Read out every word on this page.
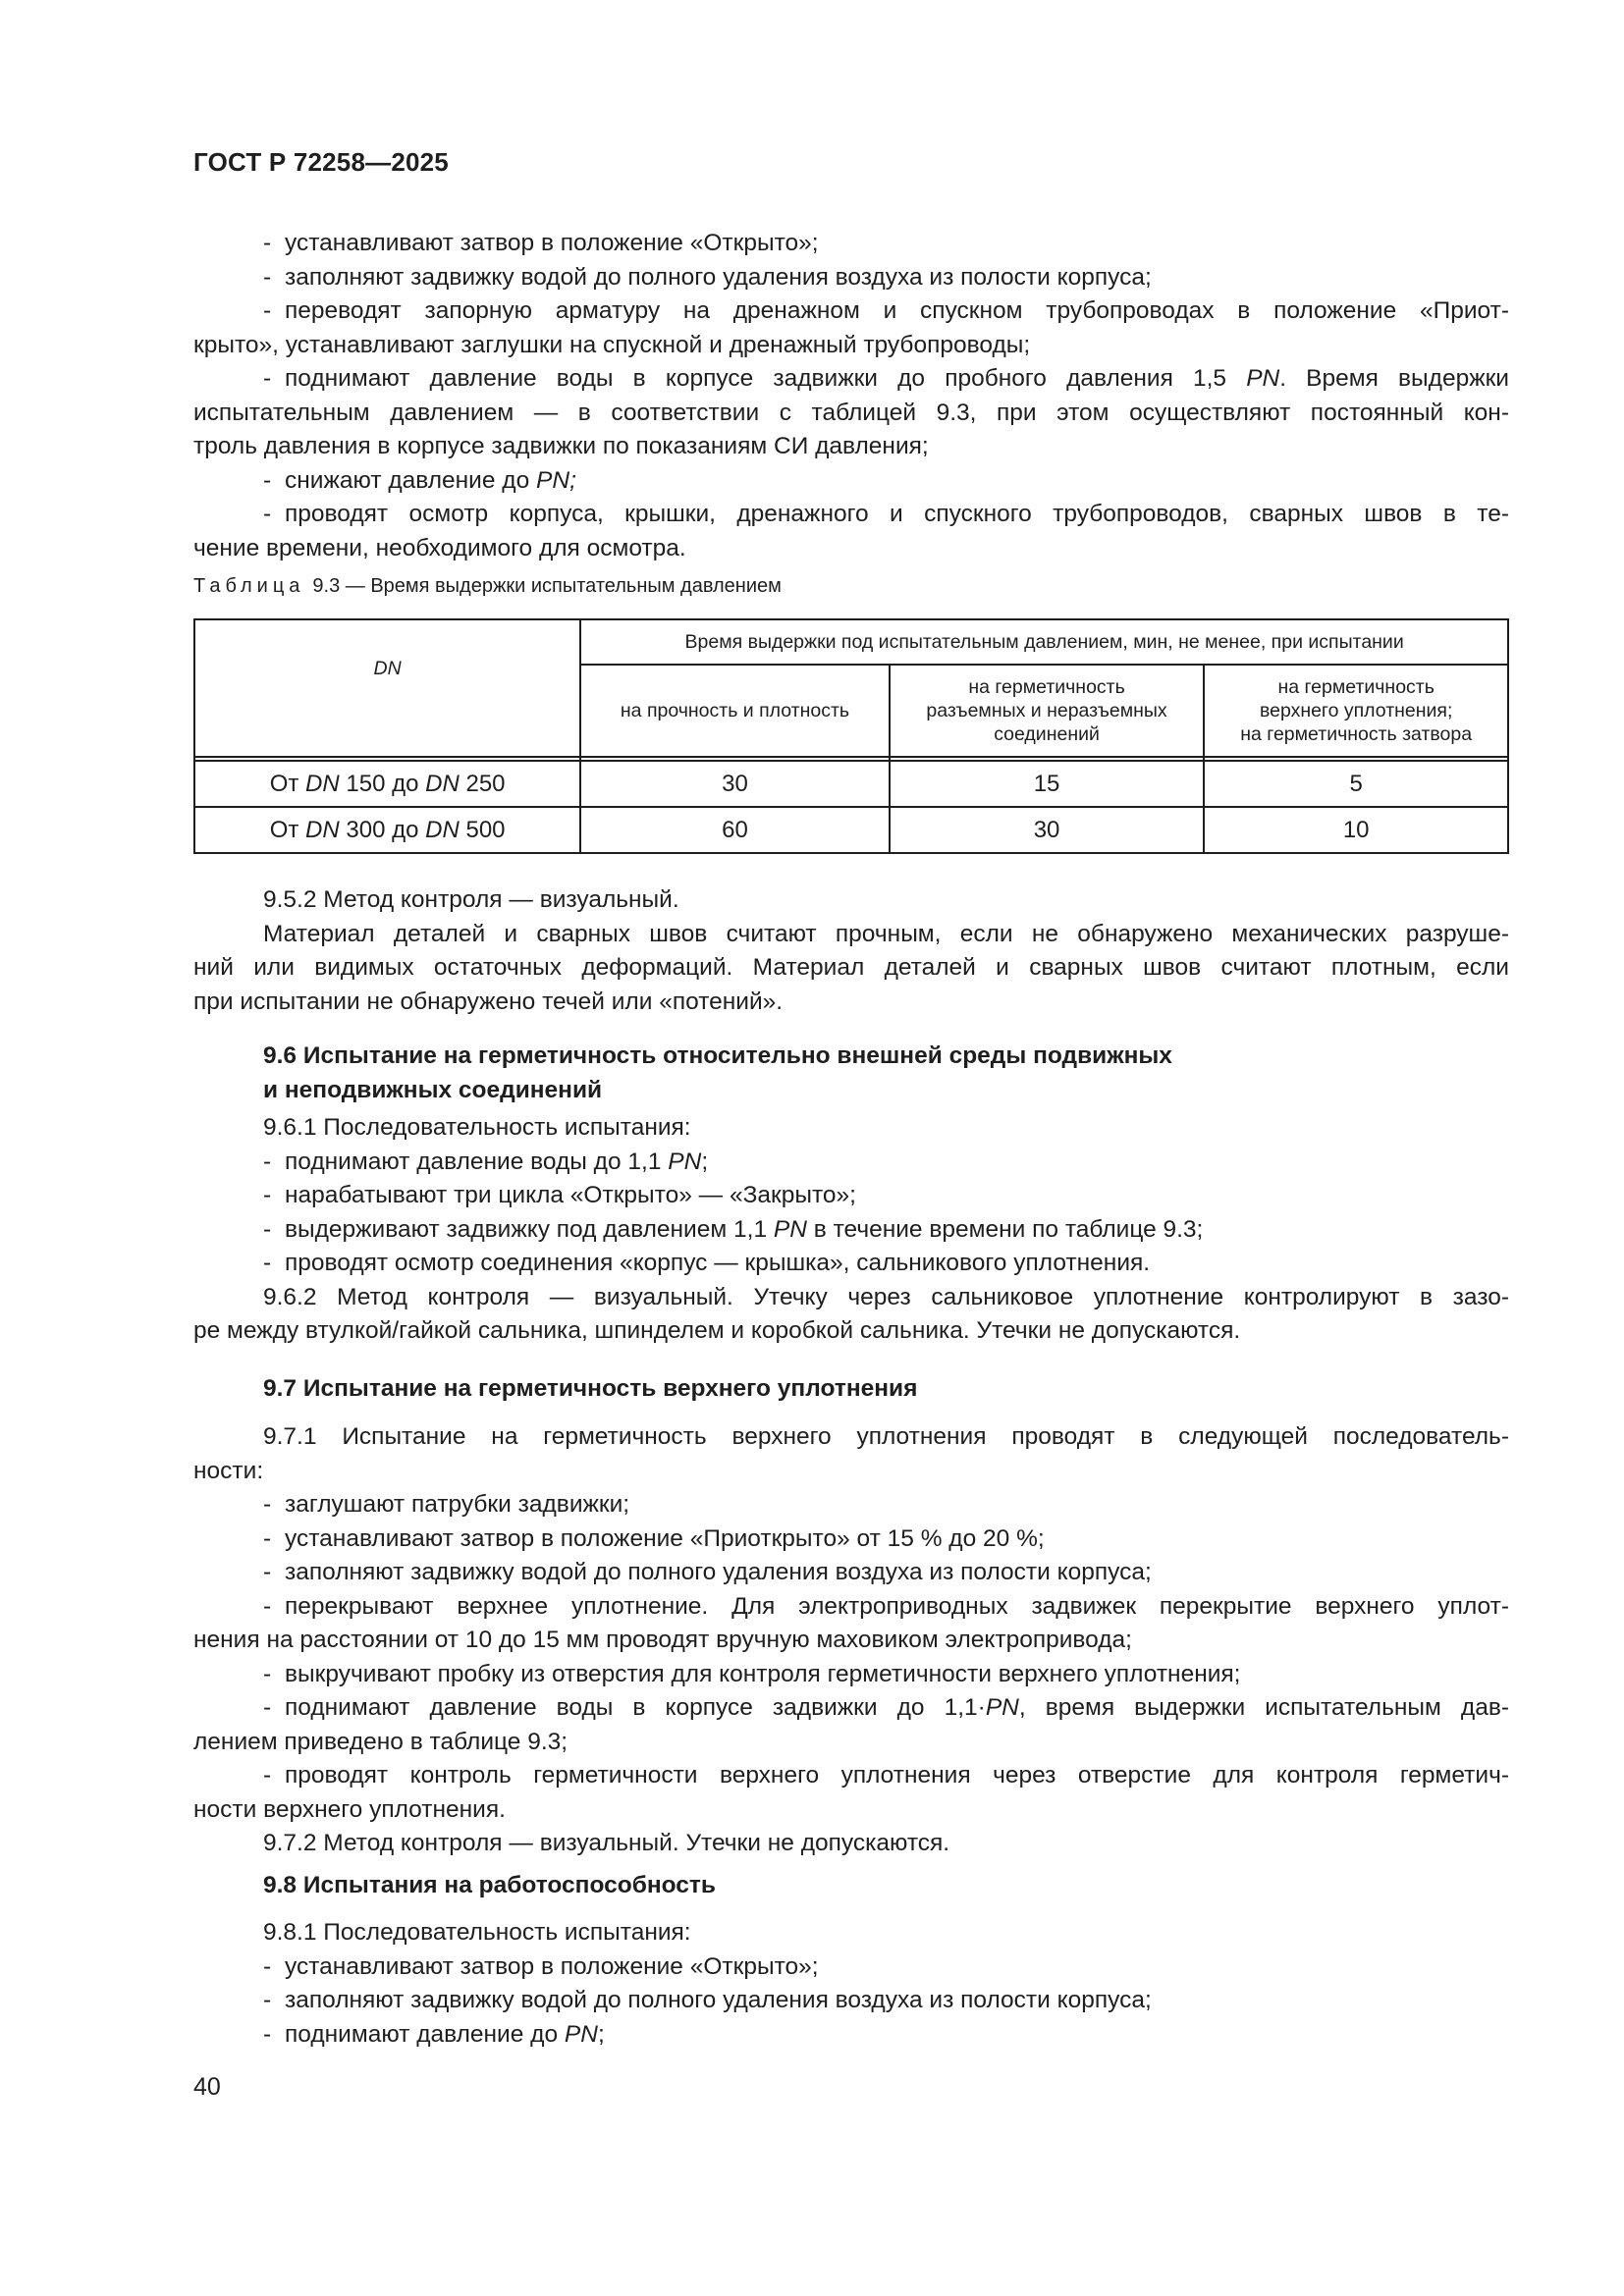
ГОСТ Р 72258—2025
- устанавливают затвор в положение «Открыто»;
- заполняют задвижку водой до полного удаления воздуха из полости корпуса;
- переводят запорную арматуру на дренажном и спускном трубопроводах в положение «Приот-
крыто», устанавливают заглушки на спускной и дренажный трубопроводы;
- поднимают давление воды в корпусе задвижки до пробного давления 1,5 PN. Время выдержки
испытательным давлением — в соответствии с таблицей 9.3, при этом осуществляют постоянный кон-
троль давления в корпусе задвижки по показаниям СИ давления;
- снижают давление до PN;
- проводят осмотр корпуса, крышки, дренажного и спускного трубопроводов, сварных швов в те-
чение времени, необходимого для осмотра.
Таблица 9.3 — Время выдержки испытательным давлением
DN	Время выдержки под испытательным давлением, мин, не менее, при испытании		
	на прочность и плотность	на герметичность
разъемных и неразъемных
соединений	на герметичность
верхнего уплотнения;
на герметичность затвора

От DN 150 до DN 250	30	15	5
От DN 300 до DN 500	60	30	10
9.5.2 Метод контроля — визуальный.
Материал деталей и сварных швов считают прочным, если не обнаружено механических разруше-
ний или видимых остаточных деформаций. Материал деталей и сварных швов считают плотным, если
при испытании не обнаружено течей или «потений».
9.6 Испытание на герметичность относительно внешней среды подвижных
и неподвижных соединений
9.6.1 Последовательность испытания:
- поднимают давление воды до 1,1 PN;
- нарабатывают три цикла «Открыто» — «Закрыто»;
- выдерживают задвижку под давлением 1,1 PN в течение времени по таблице 9.3;
- проводят осмотр соединения «корпус — крышка», сальникового уплотнения.
9.6.2 Метод контроля — визуальный. Утечку через сальниковое уплотнение контролируют в зазо-
ре между втулкой/гайкой сальника, шпинделем и коробкой сальника. Утечки не допускаются.
9.7 Испытание на герметичность верхнего уплотнения
9.7.1 Испытание на герметичность верхнего уплотнения проводят в следующей последователь-
ности:
- заглушают патрубки задвижки;
- устанавливают затвор в положение «Приоткрыто» от 15 % до 20 %;
- заполняют задвижку водой до полного удаления воздуха из полости корпуса;
- перекрывают верхнее уплотнение. Для электроприводных задвижек перекрытие верхнего уплот-
нения на расстоянии от 10 до 15 мм проводят вручную маховиком электропривода;
- выкручивают пробку из отверстия для контроля герметичности верхнего уплотнения;
- поднимают давление воды в корпусе задвижки до 1,1·PN, время выдержки испытательным дав-
лением приведено в таблице 9.3;
- проводят контроль герметичности верхнего уплотнения через отверстие для контроля герметич-
ности верхнего уплотнения.
9.7.2 Метод контроля — визуальный. Утечки не допускаются.
9.8 Испытания на работоспособность
9.8.1 Последовательность испытания:
- устанавливают затвор в положение «Открыто»;
- заполняют задвижку водой до полного удаления воздуха из полости корпуса;
- поднимают давление до PN;
40
